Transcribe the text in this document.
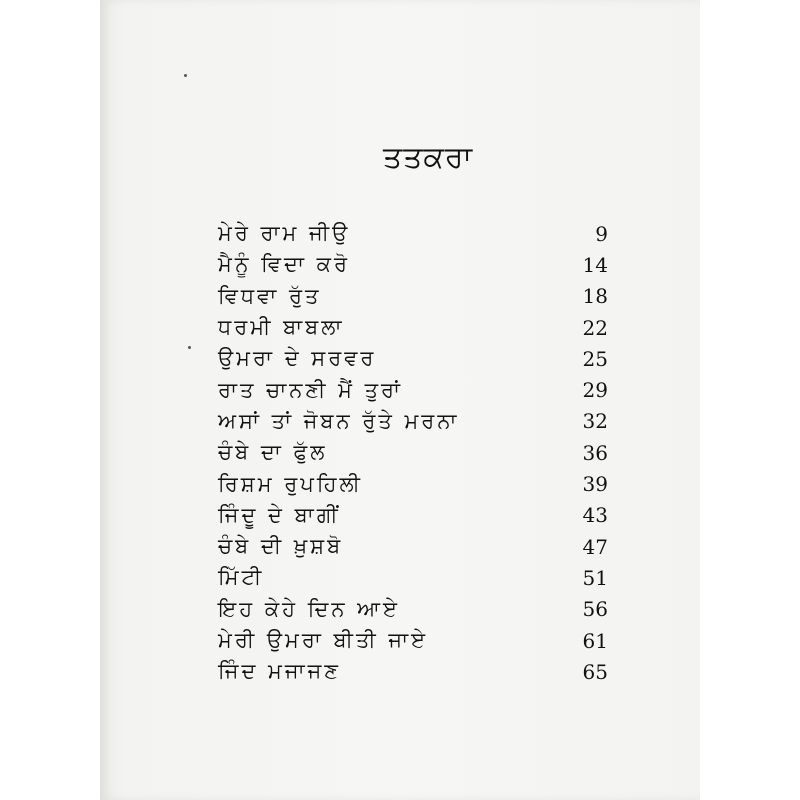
ਤਤਕਰਾ
ਮੇਰੇ ਰਾਮ ਜੀਉ	9
ਮੈਨੂੰ ਵਿਦਾ ਕਰੋ	14
ਵਿਧਵਾ ਰੁੱਤ	18
ਧਰਮੀ ਬਾਬਲਾ	22
ਉਮਰਾ ਦੇ ਸਰਵਰ	25
ਰਾਤ ਚਾਨਣੀ ਮੈਂ ਤੁਰਾਂ	29
ਅਸਾਂ ਤਾਂ ਜੋਬਨ ਰੁੱਤੇ ਮਰਨਾ	32
ਚੰਬੇ ਦਾ ਫੁੱਲ	36
ਰਿਸ਼ਮ ਰੁਪਹਿਲੀ	39
ਜਿੰਦੂ ਦੇ ਬਾਗੀਂ	43
ਚੰਬੇ ਦੀ ਖ਼ੁਸ਼ਬੋ	47
ਮਿੱਟੀ	51
ਇਹ ਕੇਹੇ ਦਿਨ ਆਏ	56
ਮੇਰੀ ਉਮਰਾ ਬੀਤੀ ਜਾਏ	61
ਜਿੰਦ ਮਜਾਜਣ	65
